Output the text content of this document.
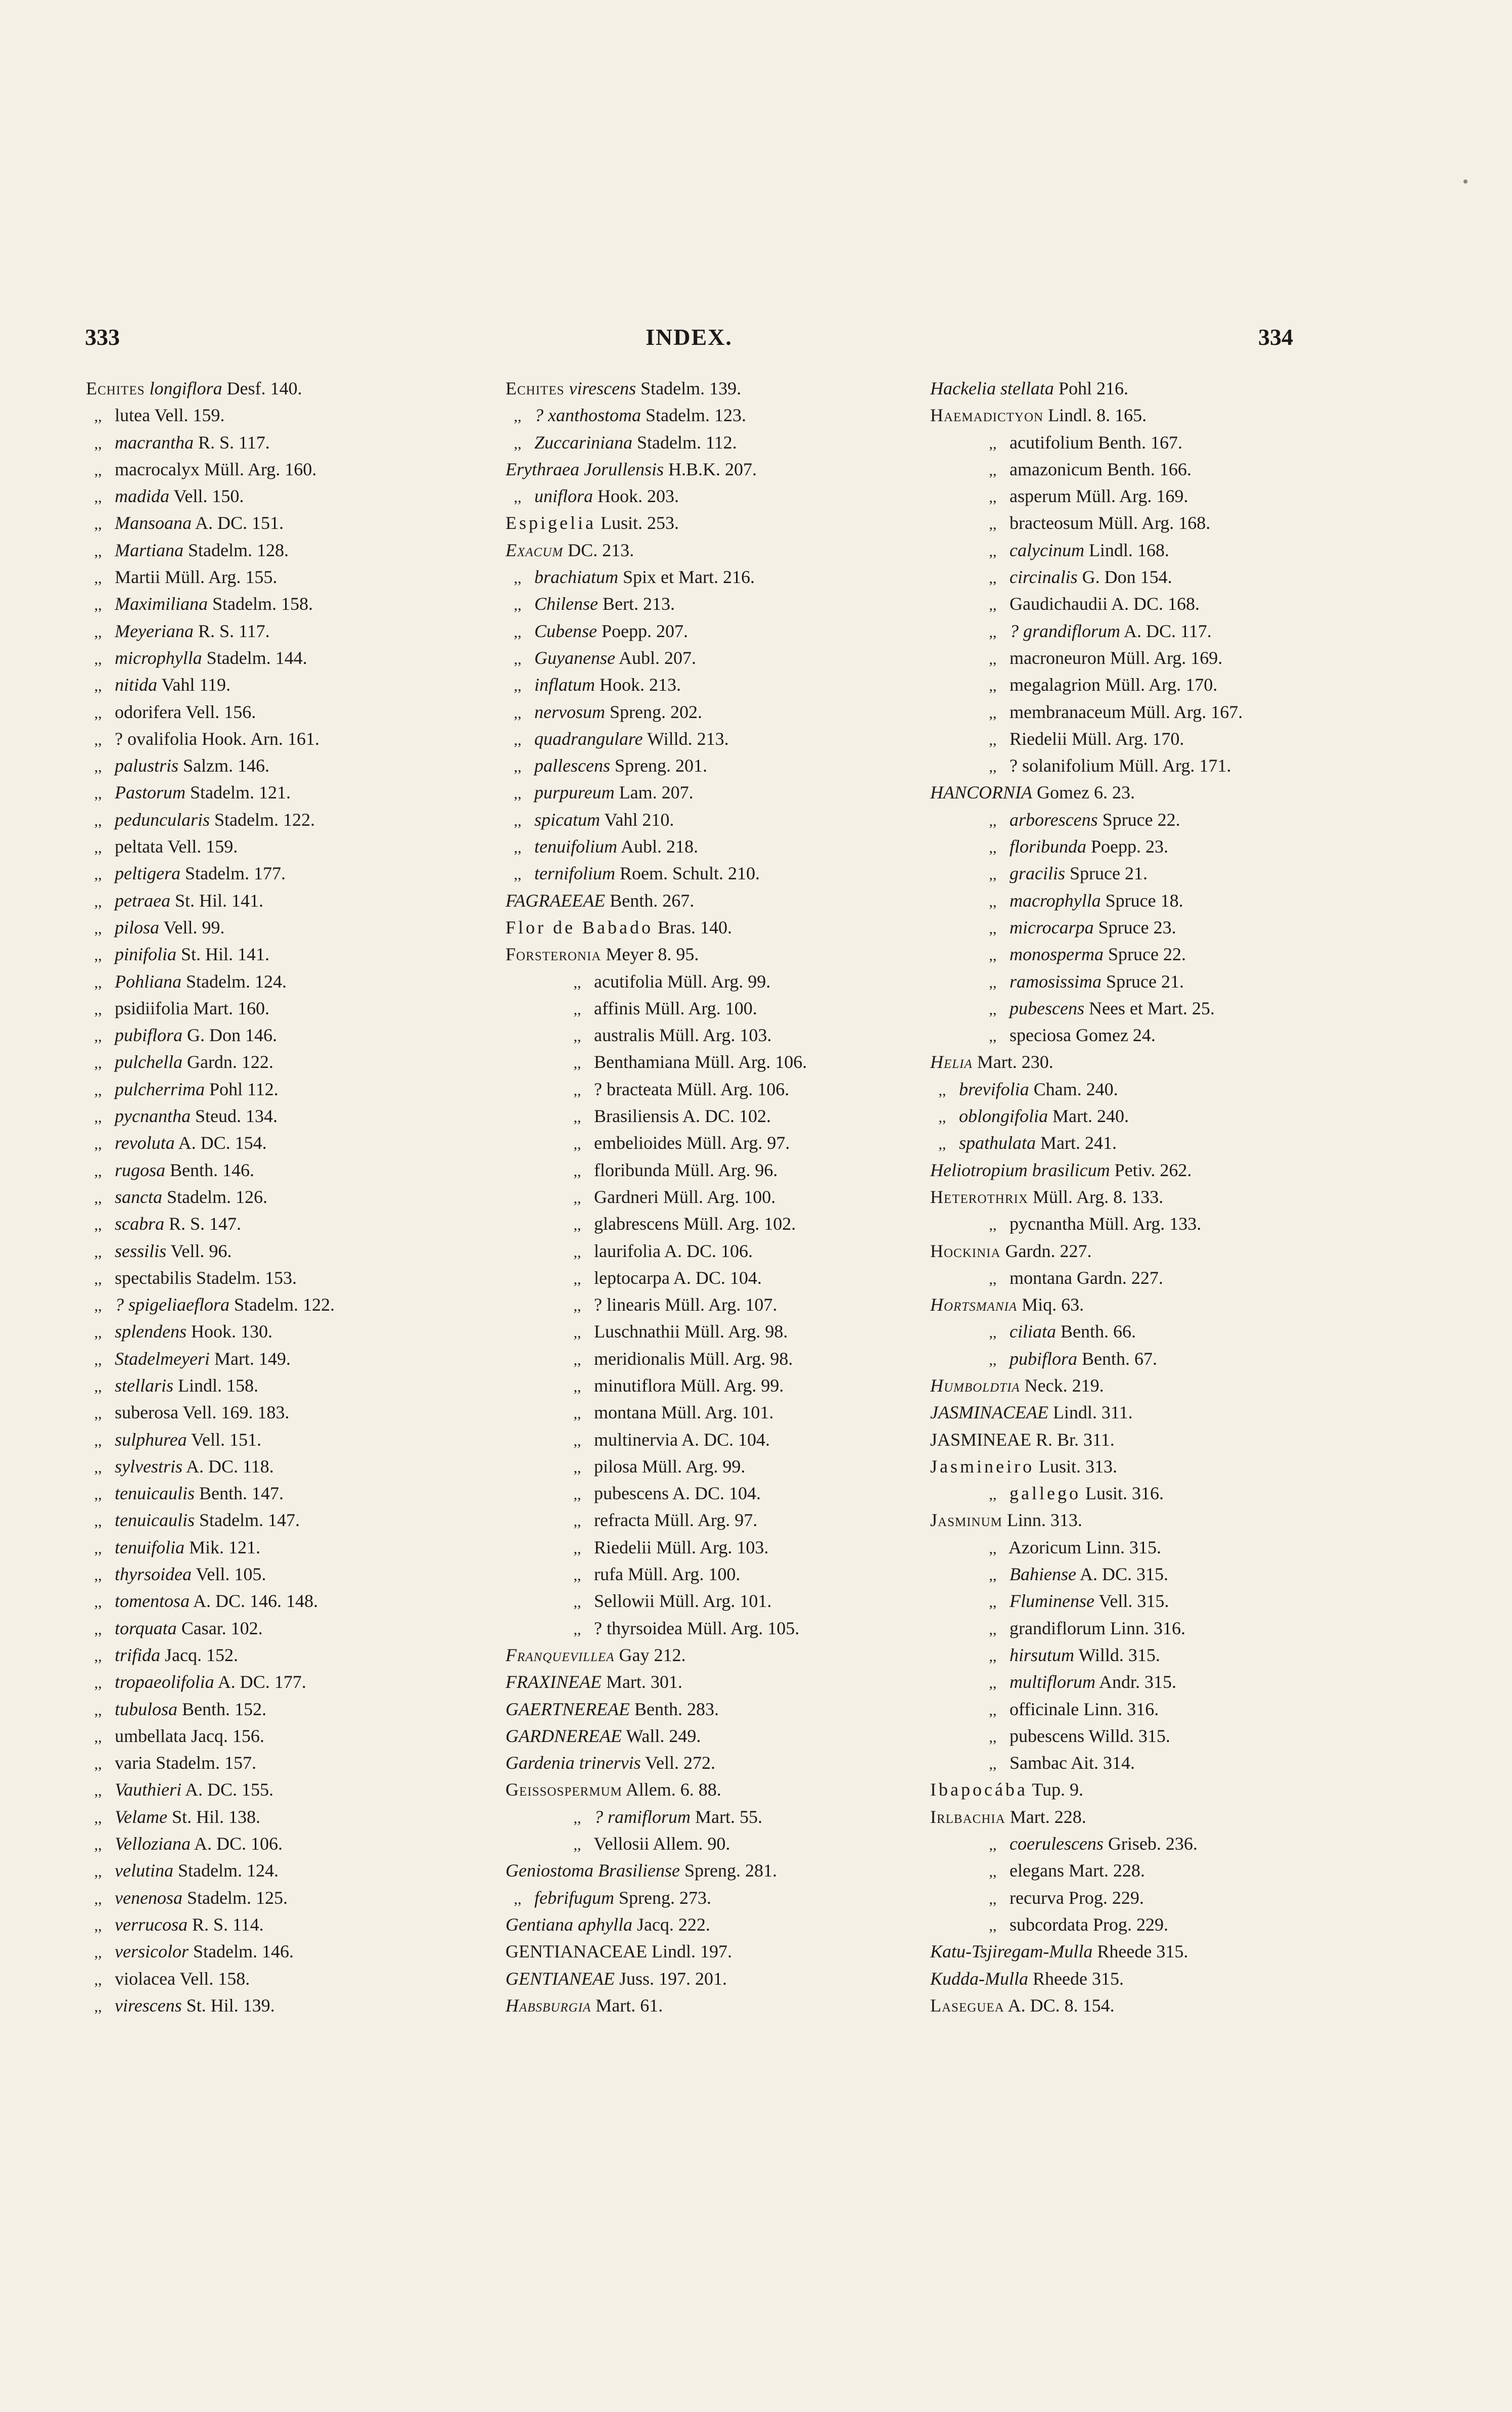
333	INDEX.	334
Echites longiflora Desf. 140.
,, lutea Vell. 159.
,, macrantha R. S. 117.
,, macrocalyx Müll. Arg. 160.
,, madida Vell. 150.
,, Mansoana A. DC. 151.
,, Martiana Stadelm. 128.
,, Martii Müll. Arg. 155.
,, Maximiliana Stadelm. 158.
,, Meyeriana R. S. 117.
,, microphylla Stadelm. 144.
,, nitida Vahl 119.
,, odorifera Vell. 156.
,, ? ovalifolia Hook. Arn. 161.
,, palustris Salzm. 146.
,, Pastorum Stadelm. 121.
,, peduncularis Stadelm. 122.
,, peltata Vell. 159.
,, peltigera Stadelm. 177.
,, petraea St. Hil. 141.
,, pilosa Vell. 99.
,, pinifolia St. Hil. 141.
,, Pohliana Stadelm. 124.
,, psidiifolia Mart. 160.
,, pubiflora G. Don 146.
,, pulchella Gardn. 122.
,, pulcherrima Pohl 112.
,, pycnantha Steud. 134.
,, revoluta A. DC. 154.
,, rugosa Benth. 146.
,, sancta Stadelm. 126.
,, scabra R. S. 147.
,, sessilis Vell. 96.
,, spectabilis Stadelm. 153.
,, ? spigeliaeflora Stadelm. 122.
,, splendens Hook. 130.
,, Stadelmeyeri Mart. 149.
,, stellaris Lindl. 158.
,, suberosa Vell. 169. 183.
,, sulphurea Vell. 151.
,, sylvestris A. DC. 118.
,, tenuicaulis Benth. 147.
,, tenuicaulis Stadelm. 147.
,, tenuifolia Mik. 121.
,, thyrsoidea Vell. 105.
,, tomentosa A. DC. 146. 148.
,, torquata Casar. 102.
,, trifida Jacq. 152.
,, tropaeolifolia A. DC. 177.
,, tubulosa Benth. 152.
,, umbellata Jacq. 156.
,, varia Stadelm. 157.
,, Vauthieri A. DC. 155.
,, Velame St. Hil. 138.
,, Velloziana A. DC. 106.
,, velutina Stadelm. 124.
,, venenosa Stadelm. 125.
,, verrucosa R. S. 114.
,, versicolor Stadelm. 146.
,, violacea Vell. 158.
,, virescens St. Hil. 139.
Echites virescens Stadelm. 139.
,, ? xanthostoma Stadelm. 123.
,, Zuccariniana Stadelm. 112.
Erythraea Jorullensis H.B.K. 207.
,, uniflora Hook. 203.
Espigelia Lusit. 253.
Exacum DC. 213.
,, brachiatum Spix et Mart. 216.
,, Chilense Bert. 213.
,, Cubense Poepp. 207.
,, Guyanense Aubl. 207.
,, inflatum Hook. 213.
,, nervosum Spreng. 202.
,, quadrangulare Willd. 213.
,, pallescens Spreng. 201.
,, purpureum Lam. 207.
,, spicatum Vahl 210.
,, tenuifolium Aubl. 218.
,, ternifolium Roem. Schult. 210.
FAGRAEEAE Benth. 267.
Flor de Babado Bras. 140.
Forsteronia Meyer 8. 95.
,, acutifolia Müll. Arg. 99.
,, affinis Müll. Arg. 100.
,, australis Müll. Arg. 103.
,, Benthamiana Müll. Arg. 106.
,, ? bracteata Müll. Arg. 106.
,, Brasiliensis A. DC. 102.
,, embelioides Müll. Arg. 97.
,, floribunda Müll. Arg. 96.
,, Gardneri Müll. Arg. 100.
,, glabrescens Müll. Arg. 102.
,, laurifolia A. DC. 106.
,, leptocarpa A. DC. 104.
,, ? linearis Müll. Arg. 107.
,, Luschnathii Müll. Arg. 98.
,, meridionalis Müll. Arg. 98.
,, minutiflora Müll. Arg. 99.
,, montana Müll. Arg. 101.
,, multinervia A. DC. 104.
,, pilosa Müll. Arg. 99.
,, pubescens A. DC. 104.
,, refracta Müll. Arg. 97.
,, Riedelii Müll. Arg. 103.
,, rufa Müll. Arg. 100.
,, Sellowii Müll. Arg. 101.
,, ? thyrsoidea Müll. Arg. 105.
Franquevillea Gay 212.
FRAXINEAE Mart. 301.
GAERTNEREAE Benth. 283.
GARDNEREAE Wall. 249.
Gardenia trinervis Vell. 272.
Geissospermum Allem. 6. 88.
,, ? ramiflorum Mart. 55.
,, Vellosii Allem. 90.
Geniostoma Brasiliense Spreng. 281.
,, febrifugum Spreng. 273.
Gentiana aphylla Jacq. 222.
GENTIANACEAE Lindl. 197.
GENTIANEAE Juss. 197. 201.
Habsburgia Mart. 61.
Hackelia stellata Pohl 216.
Haemadictyon Lindl. 8. 165.
,, acutifolium Benth. 167.
,, amazonicum Benth. 166.
,, asperum Müll. Arg. 169.
,, bracteosum Müll. Arg. 168.
,, calycinum Lindl. 168.
,, circinalis G. Don 154.
,, Gaudichaudii A. DC. 168.
,, ? grandiflorum A. DC. 117.
,, macroneuron Müll. Arg. 169.
,, megalagrion Müll. Arg. 170.
,, membranaceum Müll. Arg. 167.
,, Riedelii Müll. Arg. 170.
,, ? solanifolium Müll. Arg. 171.
HANCORNIA Gomez 6. 23.
,, arborescens Spruce 22.
,, floribunda Poepp. 23.
,, gracilis Spruce 21.
,, macrophylla Spruce 18.
,, microcarpa Spruce 23.
,, monosperma Spruce 22.
,, ramosissima Spruce 21.
,, pubescens Nees et Mart. 25.
,, speciosa Gomez 24.
Helia Mart. 230.
,, brevifolia Cham. 240.
,, oblongifolia Mart. 240.
,, spathulata Mart. 241.
Heliotropium brasilicum Petiv. 262.
Heterothrix Müll. Arg. 8. 133.
,, pycnantha Müll. Arg. 133.
Hockinia Gardn. 227.
,, montana Gardn. 227.
Hortsmania Miq. 63.
,, ciliata Benth. 66.
,, pubiflora Benth. 67.
Humboldtia Neck. 219.
JASMINACEAE Lindl. 311.
JASMINEAE R. Br. 311.
Jasmineiro Lusit. 313.
,, gallego Lusit. 316.
Jasminum Linn. 313.
,, Azoricum Linn. 315.
,, Bahiense A. DC. 315.
,, Fluminense Vell. 315.
,, grandiflorum Linn. 316.
,, hirsutum Willd. 315.
,, multiflorum Andr. 315.
,, officinale Linn. 316.
,, pubescens Willd. 315.
,, Sambac Ait. 314.
Ibapocába Tup. 9.
Irlbachia Mart. 228.
,, coerulescens Griseb. 236.
,, elegans Mart. 228.
,, recurva Prog. 229.
,, subcordata Prog. 229.
Katu-Tsjiregam-Mulla Rheede 315.
Kudda-Mulla Rheede 315.
Laseguea A. DC. 8. 154.
